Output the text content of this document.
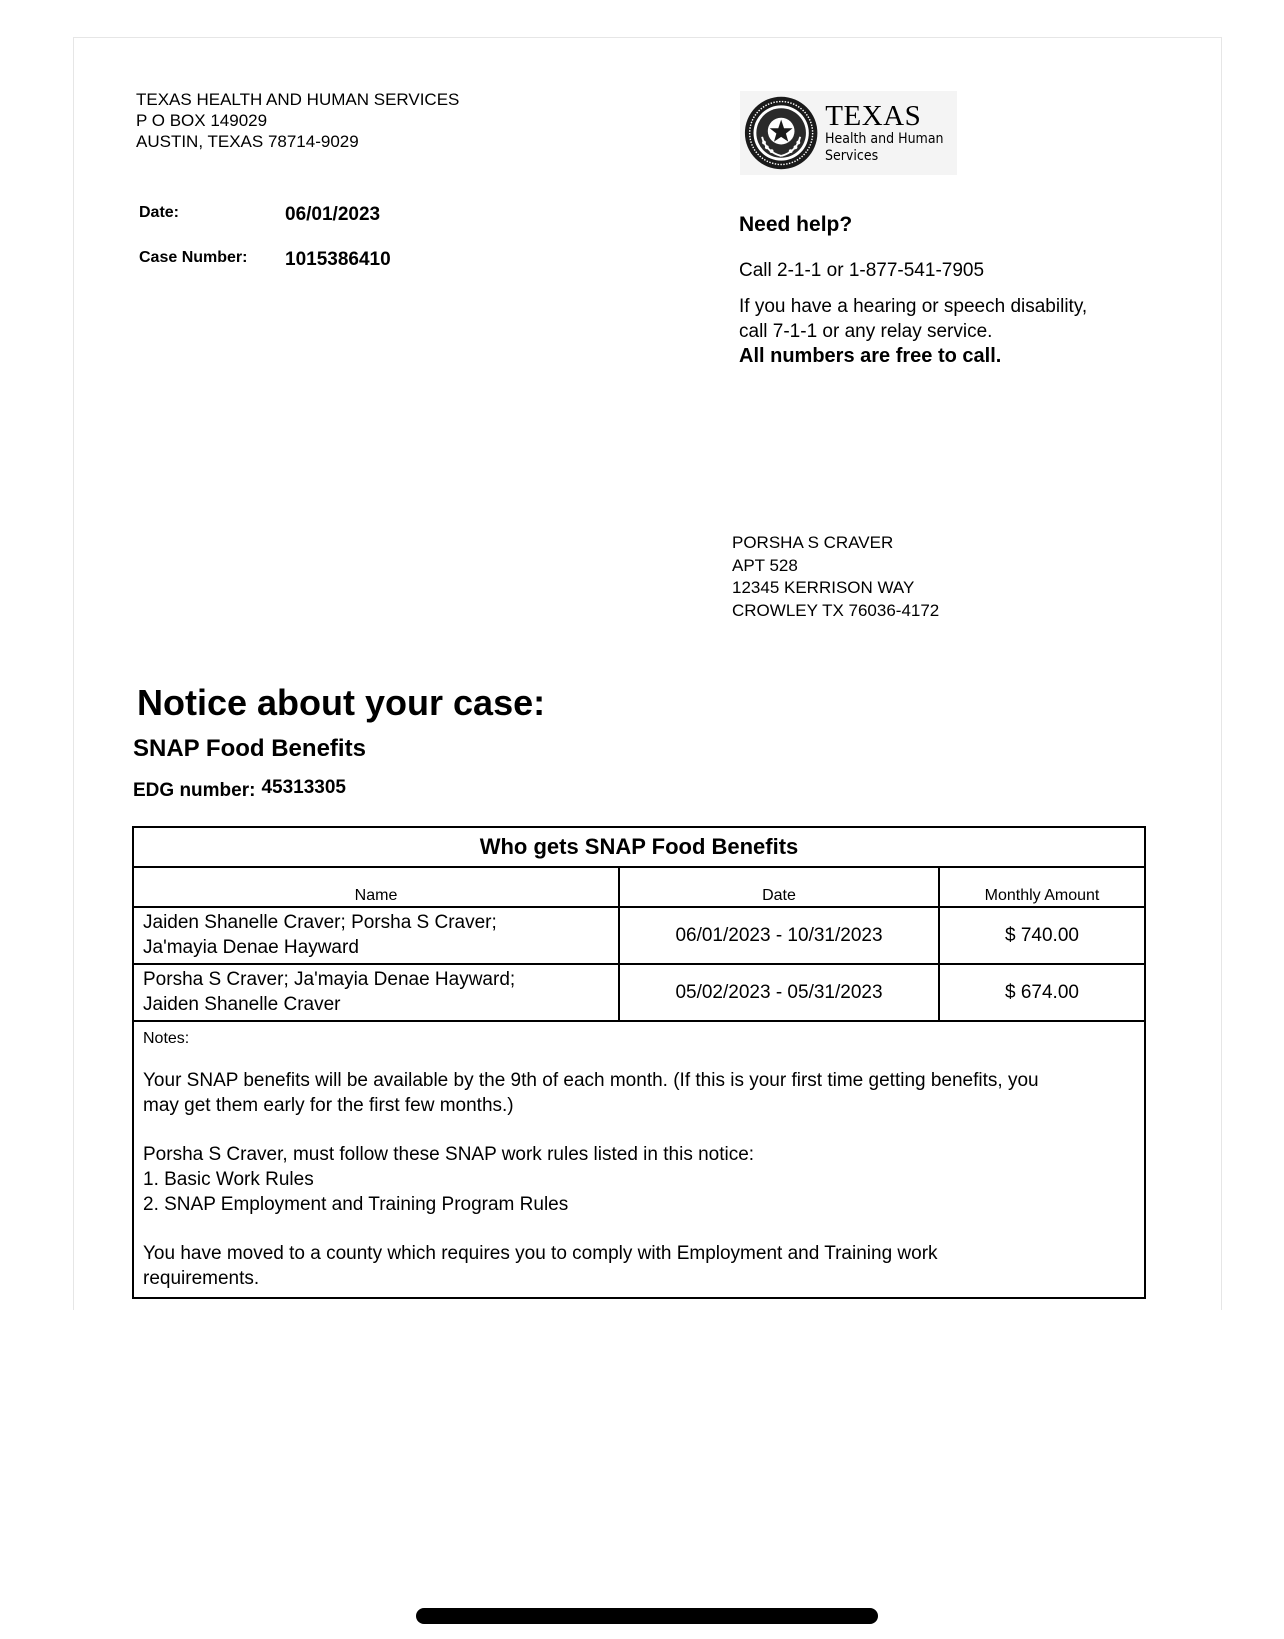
TEXAS HEALTH AND HUMAN SERVICES
P O BOX 149029
AUSTIN, TEXAS 78714-9029
TEXAS
Health and Human
Services
Date:	06/01/2023
Case Number: 1015386410
Need help?
Call 2-1-1 or 1-877-541-7905
If you have a hearing or speech disability,
call 7-1-1 or any relay service.
All numbers are free to call.
PORSHA S CRAVER
APT 528
12345 KERRISON WAY
CROWLEY TX 76036-4172
Notice about your case:
SNAP Food Benefits
EDG number: 45313305
Who gets SNAP Food Benefits
Name	Date	Monthly Amount
Jaiden Shanelle Craver; Porsha S Craver;
Ja'mayia Denae Hayward
06/01/2023 - 10/31/2023	$ 740.00
Porsha S Craver; Ja'mayia Denae Hayward;
Jaiden Shanelle Craver
05/02/2023 - 05/31/2023	$ 674.00
Notes:

Your SNAP benefits will be available by the 9th of each month. (If this is your first time getting benefits, you
may get them early for the first few months.)

Porsha S Craver, must follow these SNAP work rules listed in this notice:
1. Basic Work Rules
2. SNAP Employment and Training Program Rules

You have moved to a county which requires you to comply with Employment and Training work
requirements.
